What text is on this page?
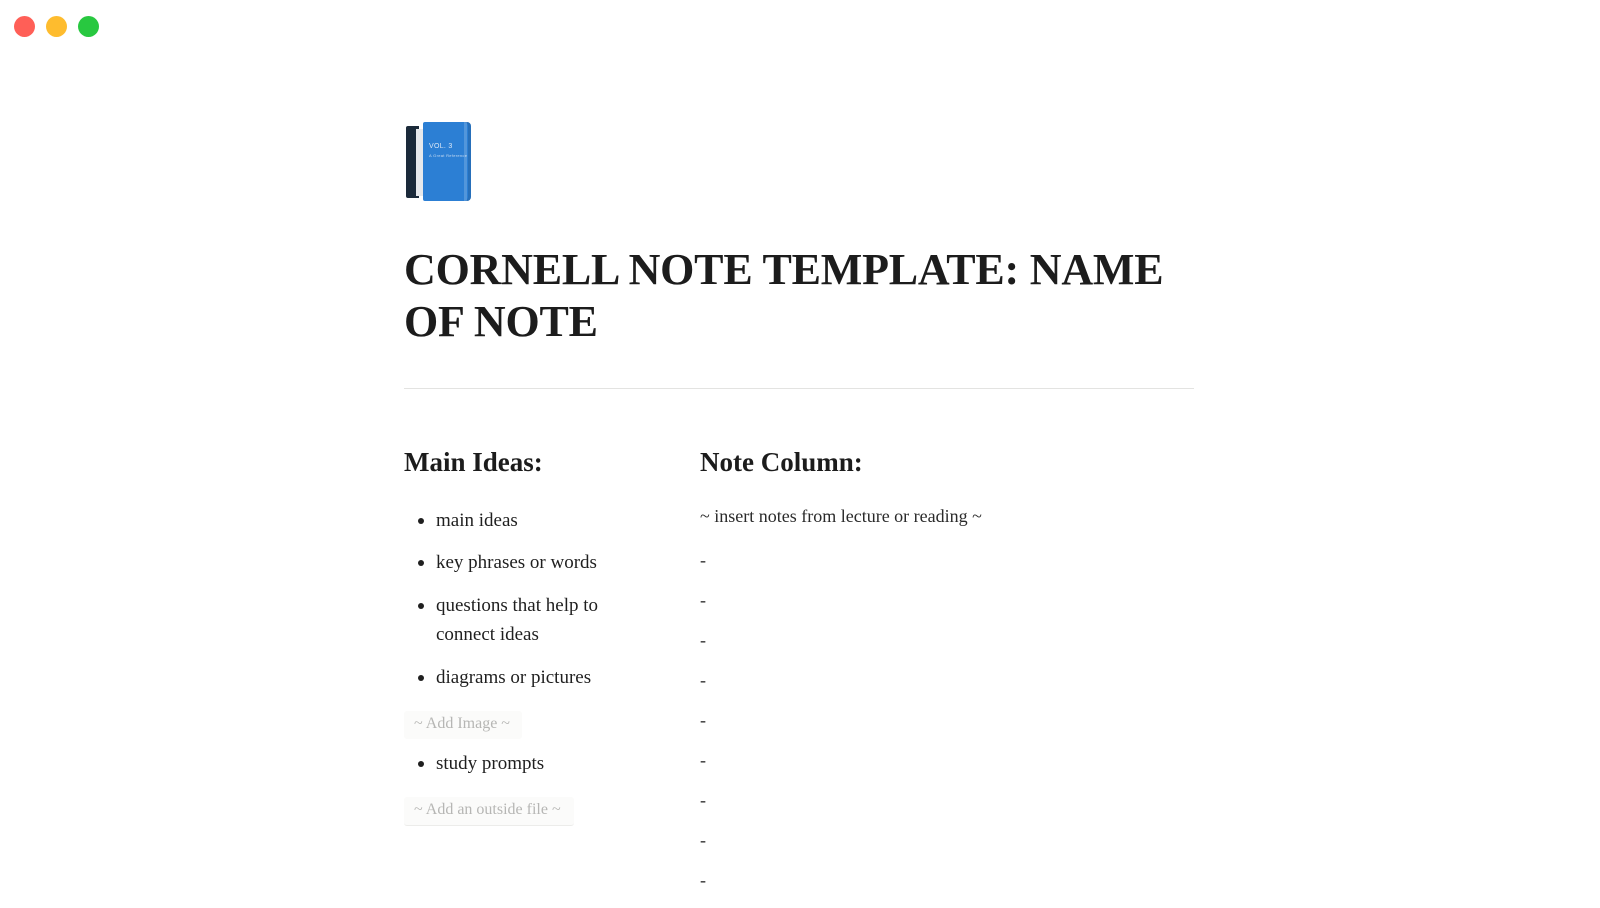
VOL. 3
A Great Reference
CORNELL NOTE TEMPLATE: NAME OF NOTE
Main Ideas:
main ideas
key phrases or words
questions that help to connect ideas
diagrams or pictures
~ Add Image ~
study prompts
~ Add an outside file ~
Note Column:

~ insert notes from lecture or reading ~

-

-

-

-

-

-

-

-

-
